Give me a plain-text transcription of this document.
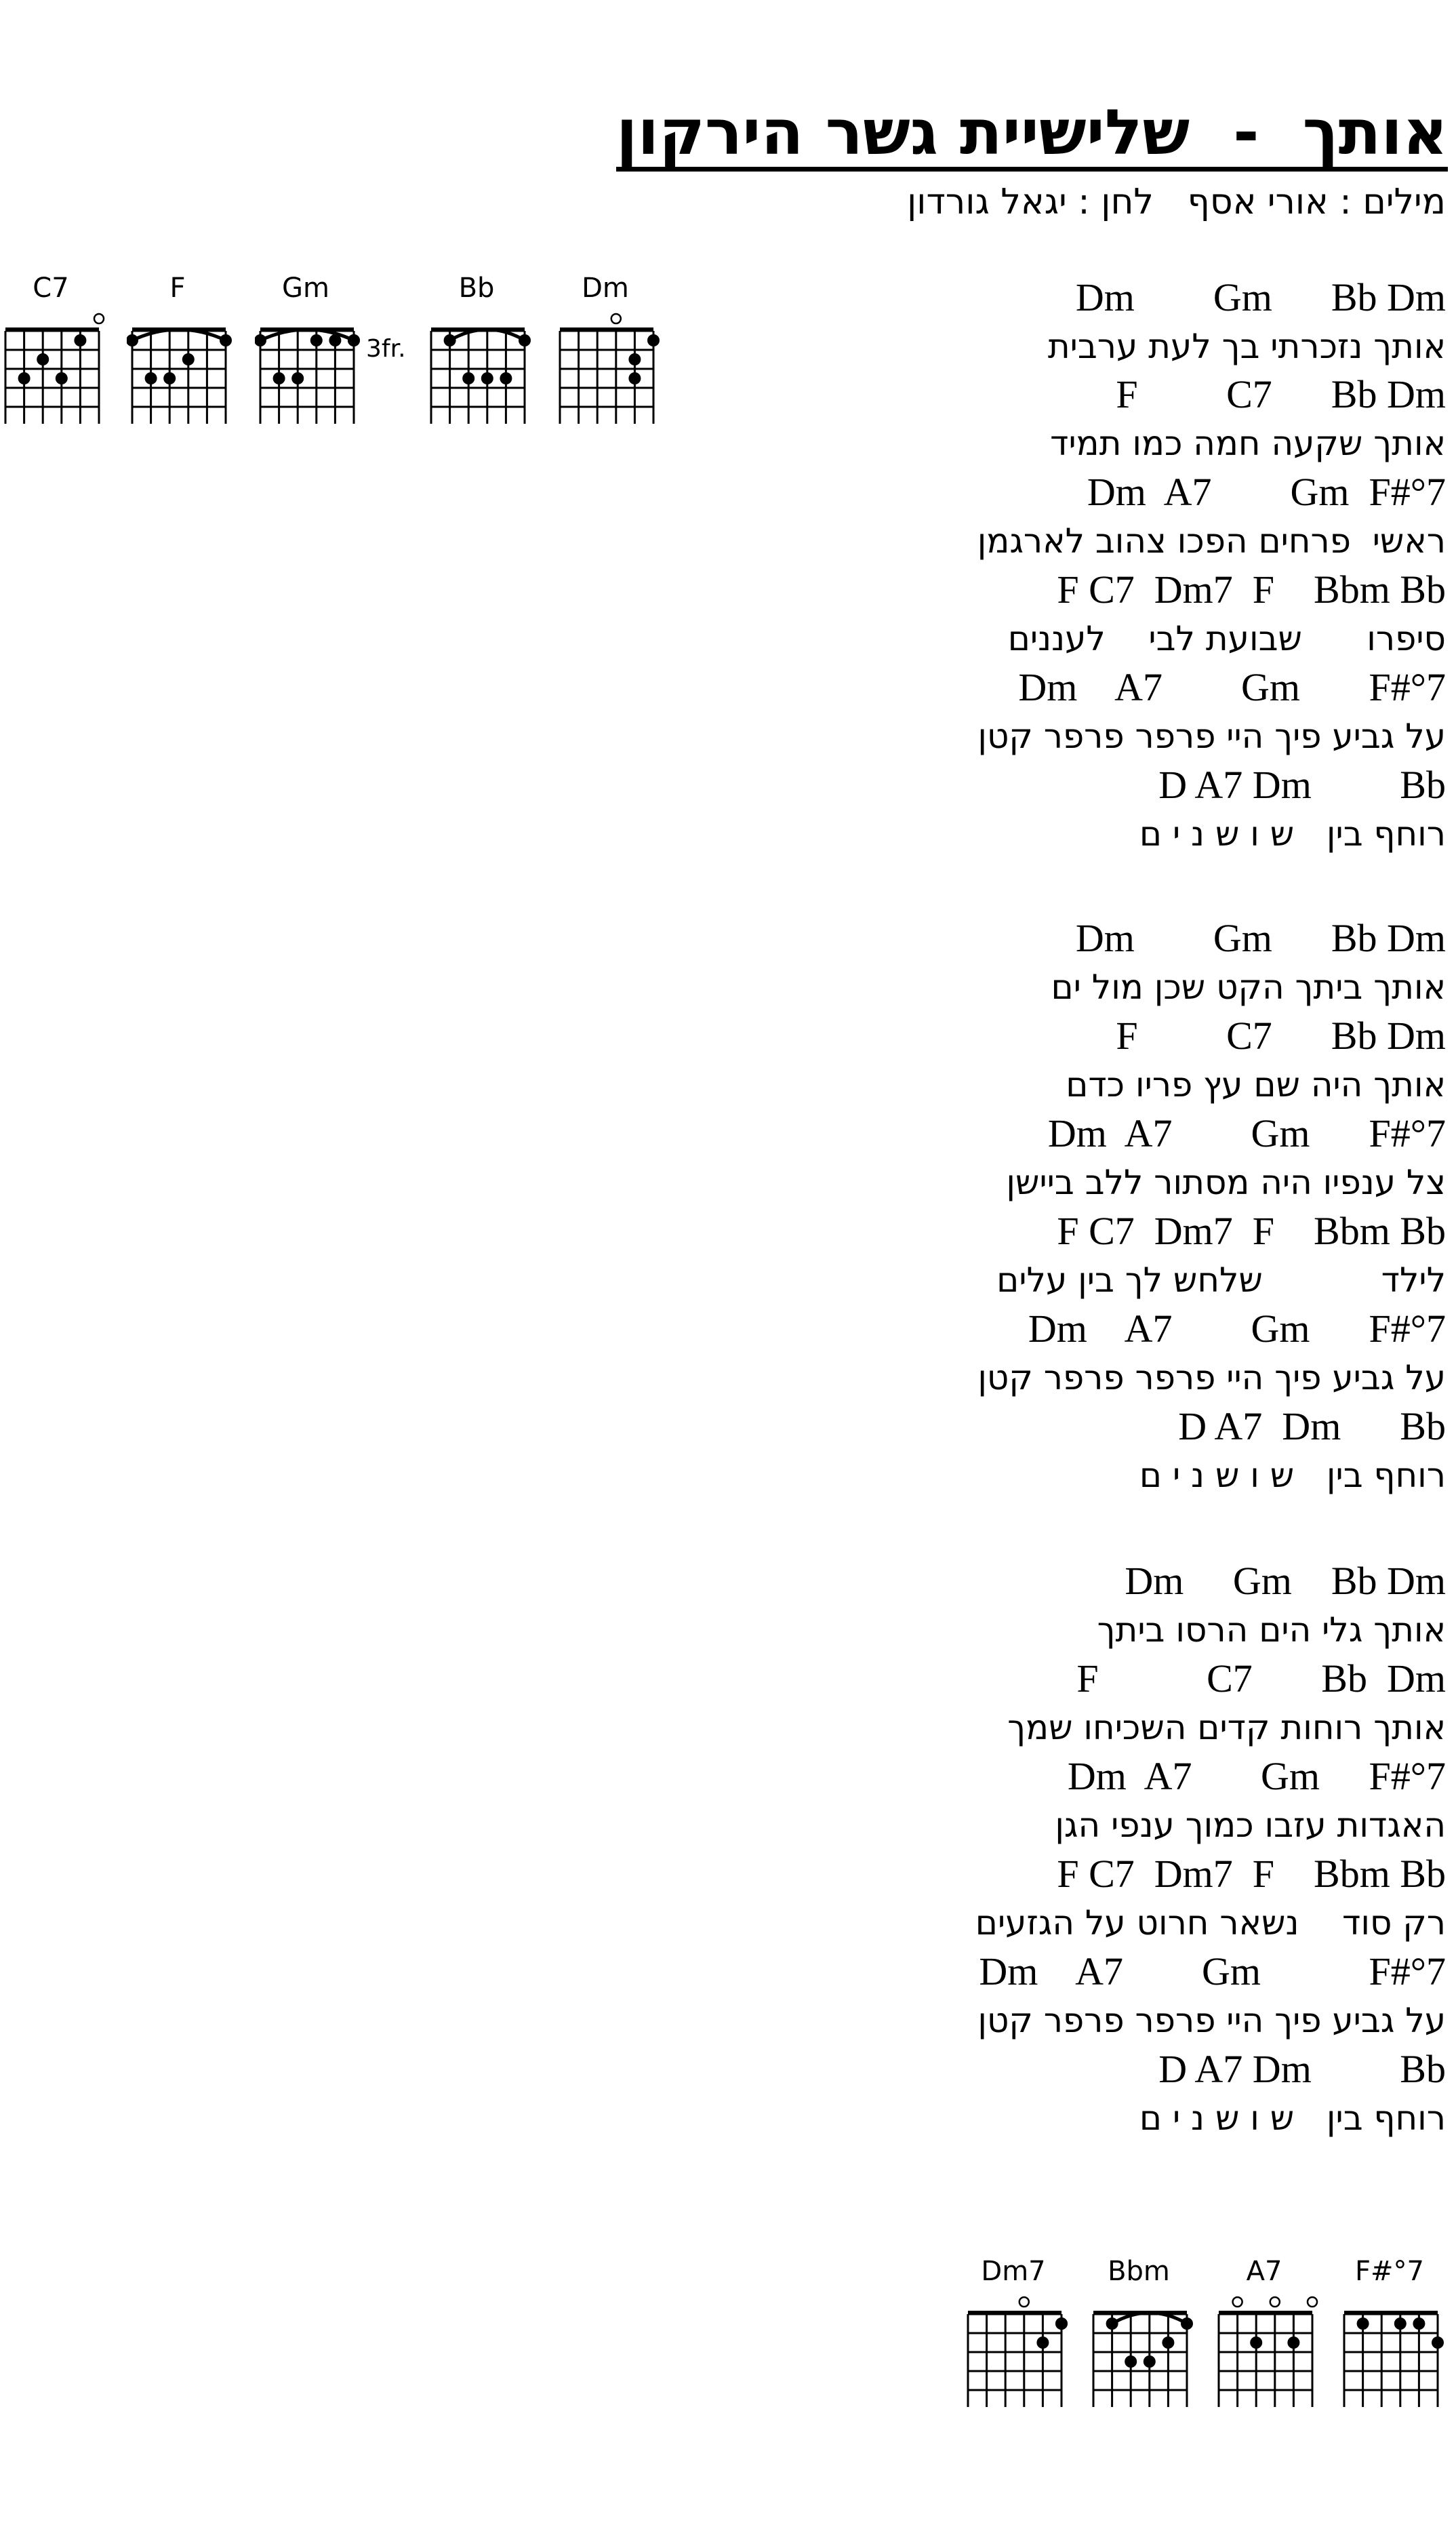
אותך  -  שלישיית גשר הירקון
מילים : אורי אסף   לחן : יגאל גורדון
Dm        Gm      Bb Dm
אותך נזכרתי בך לעת ערבית
F         C7      Bb Dm
אותך שקעה חמה כמו תמיד
Dm  A7        Gm  F#°7
ראשי  פרחים הפכו צהוב לארגמן
F C7  Dm7  F    Bbm Bb
סיפרו      שבועת לבי    לעננים
Dm    A7        Gm       F#°7
על גביע פיך היי פרפר פרפר קטן
D A7 Dm         Bb
רוחף בין   ש ו ש נ י ם
Dm        Gm      Bb Dm
אותך ביתך הקט שכן מול ים
F         C7      Bb Dm
אותך היה שם עץ פריו כדם
Dm  A7        Gm      F#°7
צל ענפיו היה מסתור ללב ביישן
F C7  Dm7  F    Bbm Bb
לילד           שלחש לך בין עלים
Dm    A7        Gm      F#°7
על גביע פיך היי פרפר פרפר קטן
D A7  Dm      Bb
רוחף בין   ש ו ש נ י ם
Dm     Gm    Bb Dm
אותך גלי הים הרסו ביתך
F           C7       Bb  Dm
אותך רוחות קדים השכיחו שמך
Dm  A7       Gm     F#°7
האגדות עזבו כמוך ענפי הגן
F C7  Dm7  F    Bbm Bb
רק סוד    נשאר חרוט על הגזעים
Dm    A7        Gm           F#°7
על גביע פיך היי פרפר פרפר קטן
D A7 Dm         Bb
רוחף בין   ש ו ש נ י ם
C7	F	Gm
3fr.
Bb	Dm
Dm7	Bbm	A7	F#°7
